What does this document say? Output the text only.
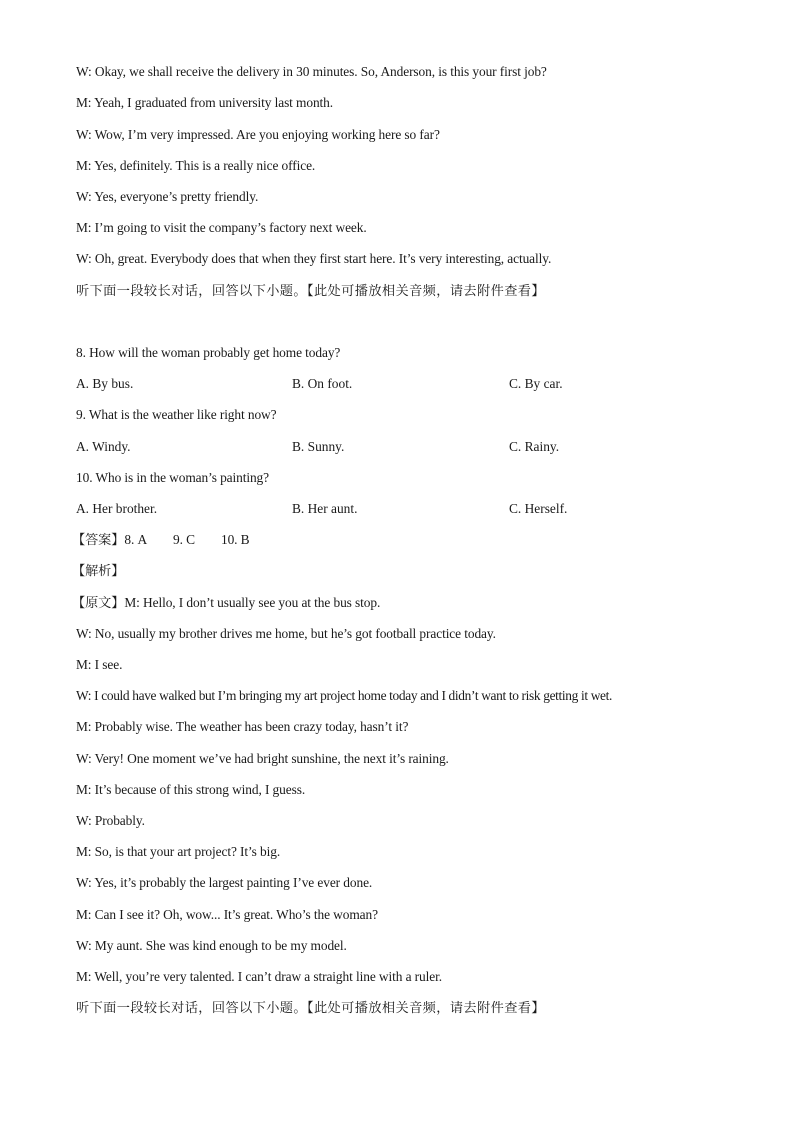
W: Okay, we shall receive the delivery in 30 minutes. So, Anderson, is this your first job?
M: Yeah, I graduated from university last month.
W: Wow, I’m very impressed. Are you enjoying working here so far?
M: Yes, definitely. This is a really nice office.
W: Yes, everyone’s pretty friendly.
M: I’m going to visit the company’s factory next week.
W: Oh, great. Everybody does that when they first start here. It’s very interesting, actually.
听下面一段较长对话，回答以下小题。【此处可播放相关音频，请去附件查看】
8. How will the woman probably get home today?
A. By bus.	B. On foot.	C. By car.
9. What is the weather like right now?
A. Windy.	B. Sunny.	C. Rainy.
10. Who is in the woman’s painting?
A. Her brother.	B. Her aunt.	C. Herself.
【答案】8. A 9. C 10. B
【解析】
【原文】M: Hello, I don’t usually see you at the bus stop.
W: No, usually my brother drives me home, but he’s got football practice today.
M: I see.
W: I could have walked but I’m bringing my art project home today and I didn’t want to risk getting it wet.
M: Probably wise. The weather has been crazy today, hasn’t it?
W: Very! One moment we’ve had bright sunshine, the next it’s raining.
M: It’s because of this strong wind, I guess.
W: Probably.
M: So, is that your art project? It’s big.
W: Yes, it’s probably the largest painting I’ve ever done.
M: Can I see it? Oh, wow... It’s great. Who’s the woman?
W: My aunt. She was kind enough to be my model.
M: Well, you’re very talented. I can’t draw a straight line with a ruler.
听下面一段较长对话，回答以下小题。【此处可播放相关音频，请去附件查看】
